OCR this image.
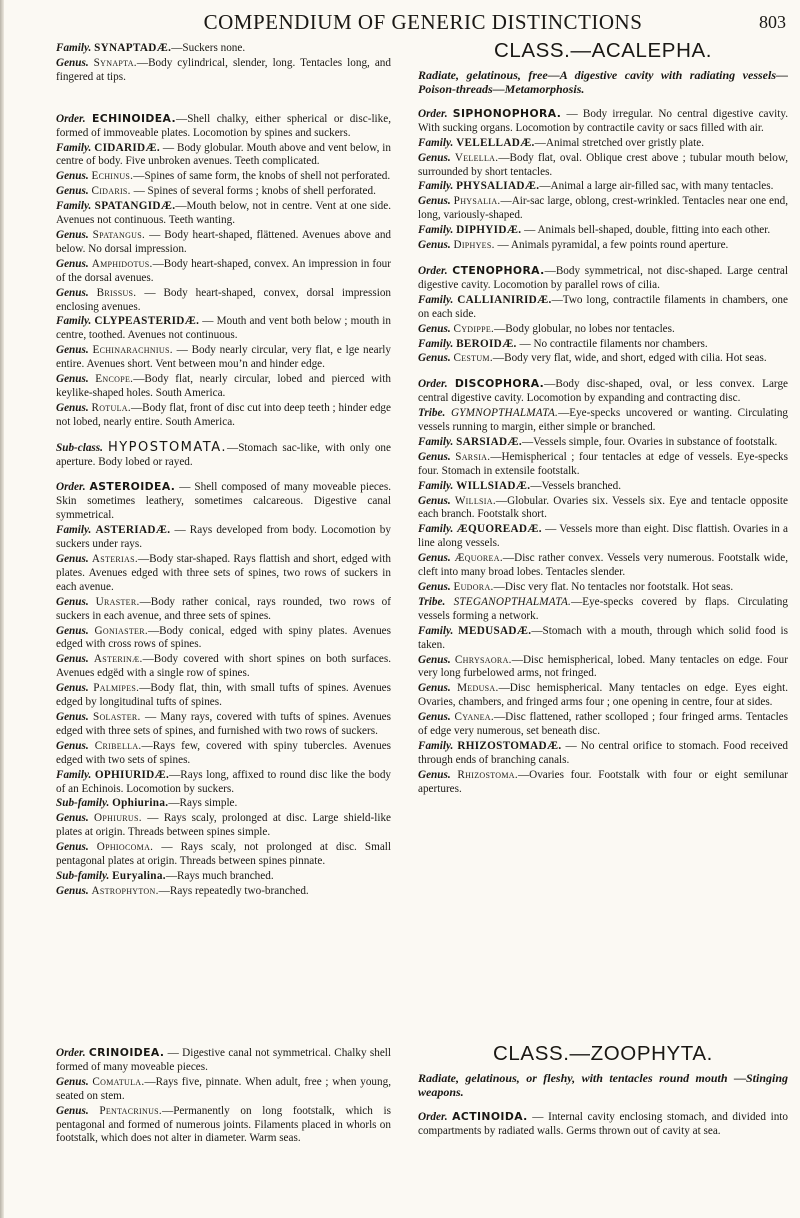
COMPENDIUM OF GENERIC DISTINCTIONS	803

Family. SYNAPTADÆ.—Suckers none.

Genus. Synapta.—Body cylindrical, slender, long. Tentacles long, and fingered at tips.

Order. ECHINOIDEA.—Shell chalky, either spherical or disc-like, formed of immoveable plates. Locomotion by spines and suckers.

Family. CIDARIDÆ. — Body globular. Mouth above and vent below, in centre of body. Five unbroken avenues. Teeth complicated.

Genus. Echinus.—Spines of same form, the knobs of shell not perforated.

Genus. Cidaris. — Spines of several forms ; knobs of shell perforated.

Family. SPATANGIDÆ.—Mouth below, not in centre. Vent at one side. Avenues not continuous. Teeth wanting.

Genus. Spatangus. — Body heart-shaped, flättened. Avenues above and below. No dorsal impression.

Genus. Amphidotus.—Body heart-shaped, convex. An impression in four of the dorsal avenues.

Genus. Brissus. — Body heart-shaped, convex, dorsal impression enclosing avenues.

Family. CLYPEASTERIDÆ. — Mouth and vent both below ; mouth in centre, toothed. Avenues not continuous.

Genus. Echinarachnius. — Body nearly circular, very flat, e lge nearly entire. Avenues short. Vent between mou’n and hinder edge.

Genus. Encope.—Body flat, nearly circular, lobed and pierced with keylike-shaped holes. South America.

Genus. Rotula.—Body flat, front of disc cut into deep teeth ; hinder edge not lobed, nearly entire. South America.

Sub-class. HYPOSTOMATA.—Stomach sac-like, with only one aperture. Body lobed or rayed.

Order. ASTEROIDEA. — Shell composed of many moveable pieces. Skin sometimes leathery, sometimes calcareous. Digestive canal symmetrical.

Family. ASTERIADÆ. — Rays developed from body. Locomotion by suckers under rays.

Genus. Asterias.—Body star-shaped. Rays flattish and short, edged with plates. Avenues edged with three sets of spines, two rows of suckers in each avenue.

Genus. Uraster.—Body rather conical, rays rounded, two rows of suckers in each avenue, and three sets of spines.

Genus. Goniaster.—Body conical, edged with spiny plates. Avenues edged with cross rows of spines.

Genus. Asterinæ.—Body covered with short spines on both surfaces. Avenues edgëd with a single row of spines.

Genus. Palmipes.—Body flat, thin, with small tufts of spines. Avenues edged by longitudinal tufts of spines.

Genus. Solaster. — Many rays, covered with tufts of spines. Avenues edged with three sets of spines, and furnished with two rows of suckers.

Genus. Cribella.—Rays few, covered with spiny tubercles. Avenues edged with two sets of spines.

Family. OPHIURIDÆ.—Rays long, affixed to round disc like the body of an Echinois. Locomotion by suckers.

Sub-family. Ophiurina.—Rays simple.

Genus. Ophiurus. — Rays scaly, prolonged at disc. Large shield-like plates at origin. Threads between spines simple.

Genus. Ophiocoma. — Rays scaly, not prolonged at disc. Small pentagonal plates at origin. Threads between spines pinnate.

Sub-family. Euryalina.—Rays much branched.

Genus. Astrophyton.—Rays repeatedly two-branched.

Order. CRINOIDEA. — Digestive canal not symmetrical. Chalky shell formed of many moveable pieces.

Genus. Comatula.—Rays five, pinnate. When adult, free ; when young, seated on stem.

Genus. Pentacrinus.—Permanently on long footstalk, which is pentagonal and formed of numerous joints. Filaments placed in whorls on footstalk, which does not alter in diameter. Warm seas.

CLASS.—ACALEPHA.

Radiate, gelatinous, free—A digestive cavity with radiating vessels—Poison-threads—Metamorphosis.

Order. SIPHONOPHORA. — Body irregular. No central digestive cavity. With sucking organs. Locomotion by contractile cavity or sacs filled with air.

Family. VELELLADÆ.—Animal stretched over gristly plate.

Genus. Velella.—Body flat, oval. Oblique crest above ; tubular mouth below, surrounded by short tentacles.

Family. PHYSALIADÆ.—Animal a large air-filled sac, with many tentacles.

Genus. Physalia.—Air-sac large, oblong, crest-wrinkled. Tentacles near one end, long, variously-shaped.

Family. DIPHYIDÆ. — Animals bell-shaped, double, fitting into each other.

Genus. Diphyes. — Animals pyramidal, a few points round aperture.

Order. CTENOPHORA.—Body symmetrical, not disc-shaped. Large central digestive cavity. Locomotion by parallel rows of cilia.

Family. CALLIANIRIDÆ.—Two long, contractile filaments in chambers, one on each side.

Genus. Cydippe.—Body globular, no lobes nor tentacles.

Family. BEROIDÆ. — No contractile filaments nor chambers.

Genus. Cestum.—Body very flat, wide, and short, edged with cilia. Hot seas.

Order. DISCOPHORA.—Body disc-shaped, oval, or less convex. Large central digestive cavity. Locomotion by expanding and contracting disc.

Tribe. GYMNOPTHALMATA.—Eye-specks uncovered or wanting. Circulating vessels running to margin, either simple or branched.

Family. SARSIADÆ.—Vessels simple, four. Ovaries in substance of footstalk.

Genus. Sarsia.—Hemispherical ; four tentacles at edge of vessels. Eye-specks four. Stomach in extensile footstalk.

Family. WILLSIADÆ.—Vessels branched.

Genus. Willsia.—Globular. Ovaries six. Vessels six. Eye and tentacle opposite each branch. Footstalk short.

Family. ÆQUOREADÆ. — Vessels more than eight. Disc flattish. Ovaries in a line along vessels.

Genus. Æquorea.—Disc rather convex. Vessels very numerous. Footstalk wide, cleft into many broad lobes. Tentacles slender.

Genus. Eudora.—Disc very flat. No tentacles nor footstalk. Hot seas.

Tribe. STEGANOPTHALMATA.—Eye-specks covered by flaps. Circulating vessels forming a network.

Family. MEDUSADÆ.—Stomach with a mouth, through which solid food is taken.

Genus. Chrysaora.—Disc hemispherical, lobed. Many tentacles on edge. Four very long furbelowed arms, not fringed.

Genus. Medusa.—Disc hemispherical. Many tentacles on edge. Eyes eight. Ovaries, chambers, and fringed arms four ; one opening in centre, four at sides.

Genus. Cyanea.—Disc flattened, rather scolloped ; four fringed arms. Tentacles of edge very numerous, set beneath disc.

Family. RHIZOSTOMADÆ. — No central orifice to stomach. Food received through ends of branching canals.

Genus. Rhizostoma.—Ovaries four. Footstalk with four or eight semilunar apertures.

CLASS.—ZOOPHYTA.

Radiate, gelatinous, or fleshy, with tentacles round mouth —Stinging weapons.

Order. ACTINOIDA. — Internal cavity enclosing stomach, and divided into compartments by radiated walls. Germs thrown out of cavity at sea.
